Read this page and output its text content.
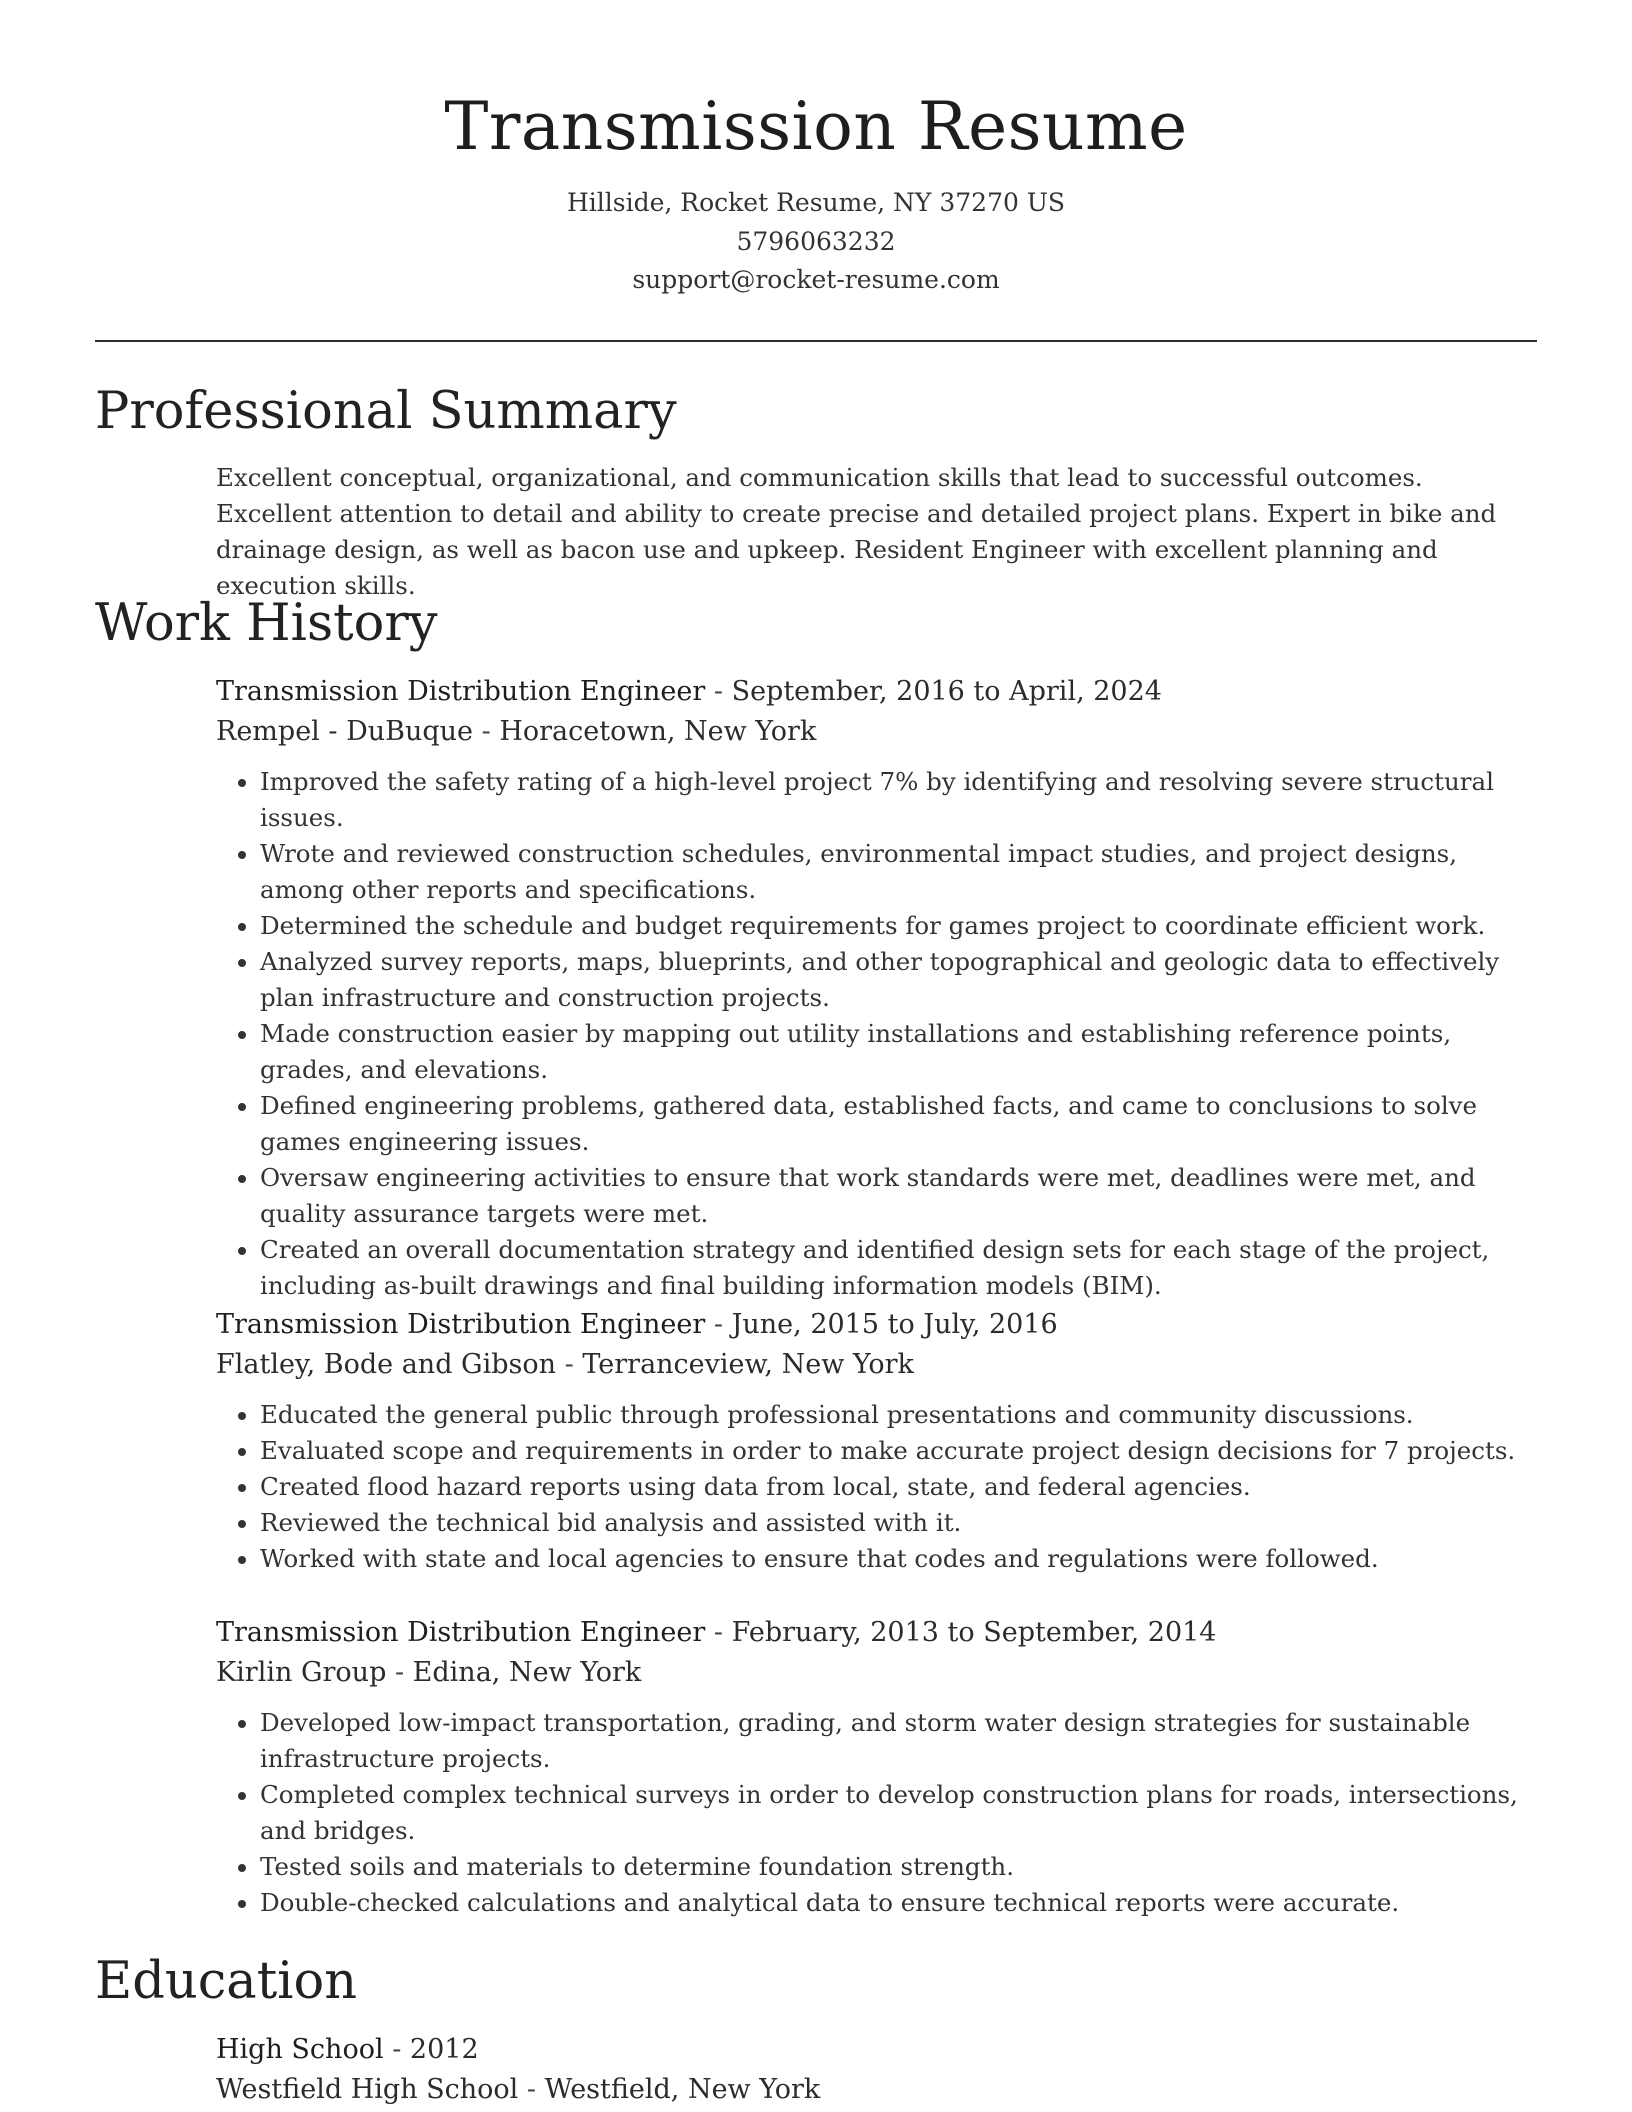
Transmission Resume
Hillside, Rocket Resume, NY 37270 US
5796063232
support@rocket-resume.com
Professional Summary

Excellent conceptual, organizational, and communication skills that lead to successful outcomes. Excellent attention to detail and ability to create precise and detailed project plans. Expert in bike and drainage design, as well as bacon use and upkeep. Resident Engineer with excellent planning and execution skills.

Work History
Transmission Distribution Engineer - September, 2016 to April, 2024
Rempel - DuBuque - Horacetown, New York
• Improved the safety rating of a high-level project 7% by identifying and resolving severe structural issues.
• Wrote and reviewed construction schedules, environmental impact studies, and project designs, among other reports and specifications.
• Determined the schedule and budget requirements for games project to coordinate efficient work.
• Analyzed survey reports, maps, blueprints, and other topographical and geologic data to effectively plan infrastructure and construction projects.
• Made construction easier by mapping out utility installations and establishing reference points, grades, and elevations.
• Defined engineering problems, gathered data, established facts, and came to conclusions to solve games engineering issues.
• Oversaw engineering activities to ensure that work standards were met, deadlines were met, and quality assurance targets were met.
• Created an overall documentation strategy and identified design sets for each stage of the project, including as-built drawings and final building information models (BIM).
Transmission Distribution Engineer - June, 2015 to July, 2016
Flatley, Bode and Gibson - Terranceview, New York
• Educated the general public through professional presentations and community discussions.
• Evaluated scope and requirements in order to make accurate project design decisions for 7 projects.
• Created flood hazard reports using data from local, state, and federal agencies.
• Reviewed the technical bid analysis and assisted with it.
• Worked with state and local agencies to ensure that codes and regulations were followed.
Transmission Distribution Engineer - February, 2013 to September, 2014
Kirlin Group - Edina, New York
• Developed low-impact transportation, grading, and storm water design strategies for sustainable infrastructure projects.
• Completed complex technical surveys in order to develop construction plans for roads, intersections, and bridges.
• Tested soils and materials to determine foundation strength.
• Double-checked calculations and analytical data to ensure technical reports were accurate.
Education
High School - 2012
Westfield High School - Westfield, New York
